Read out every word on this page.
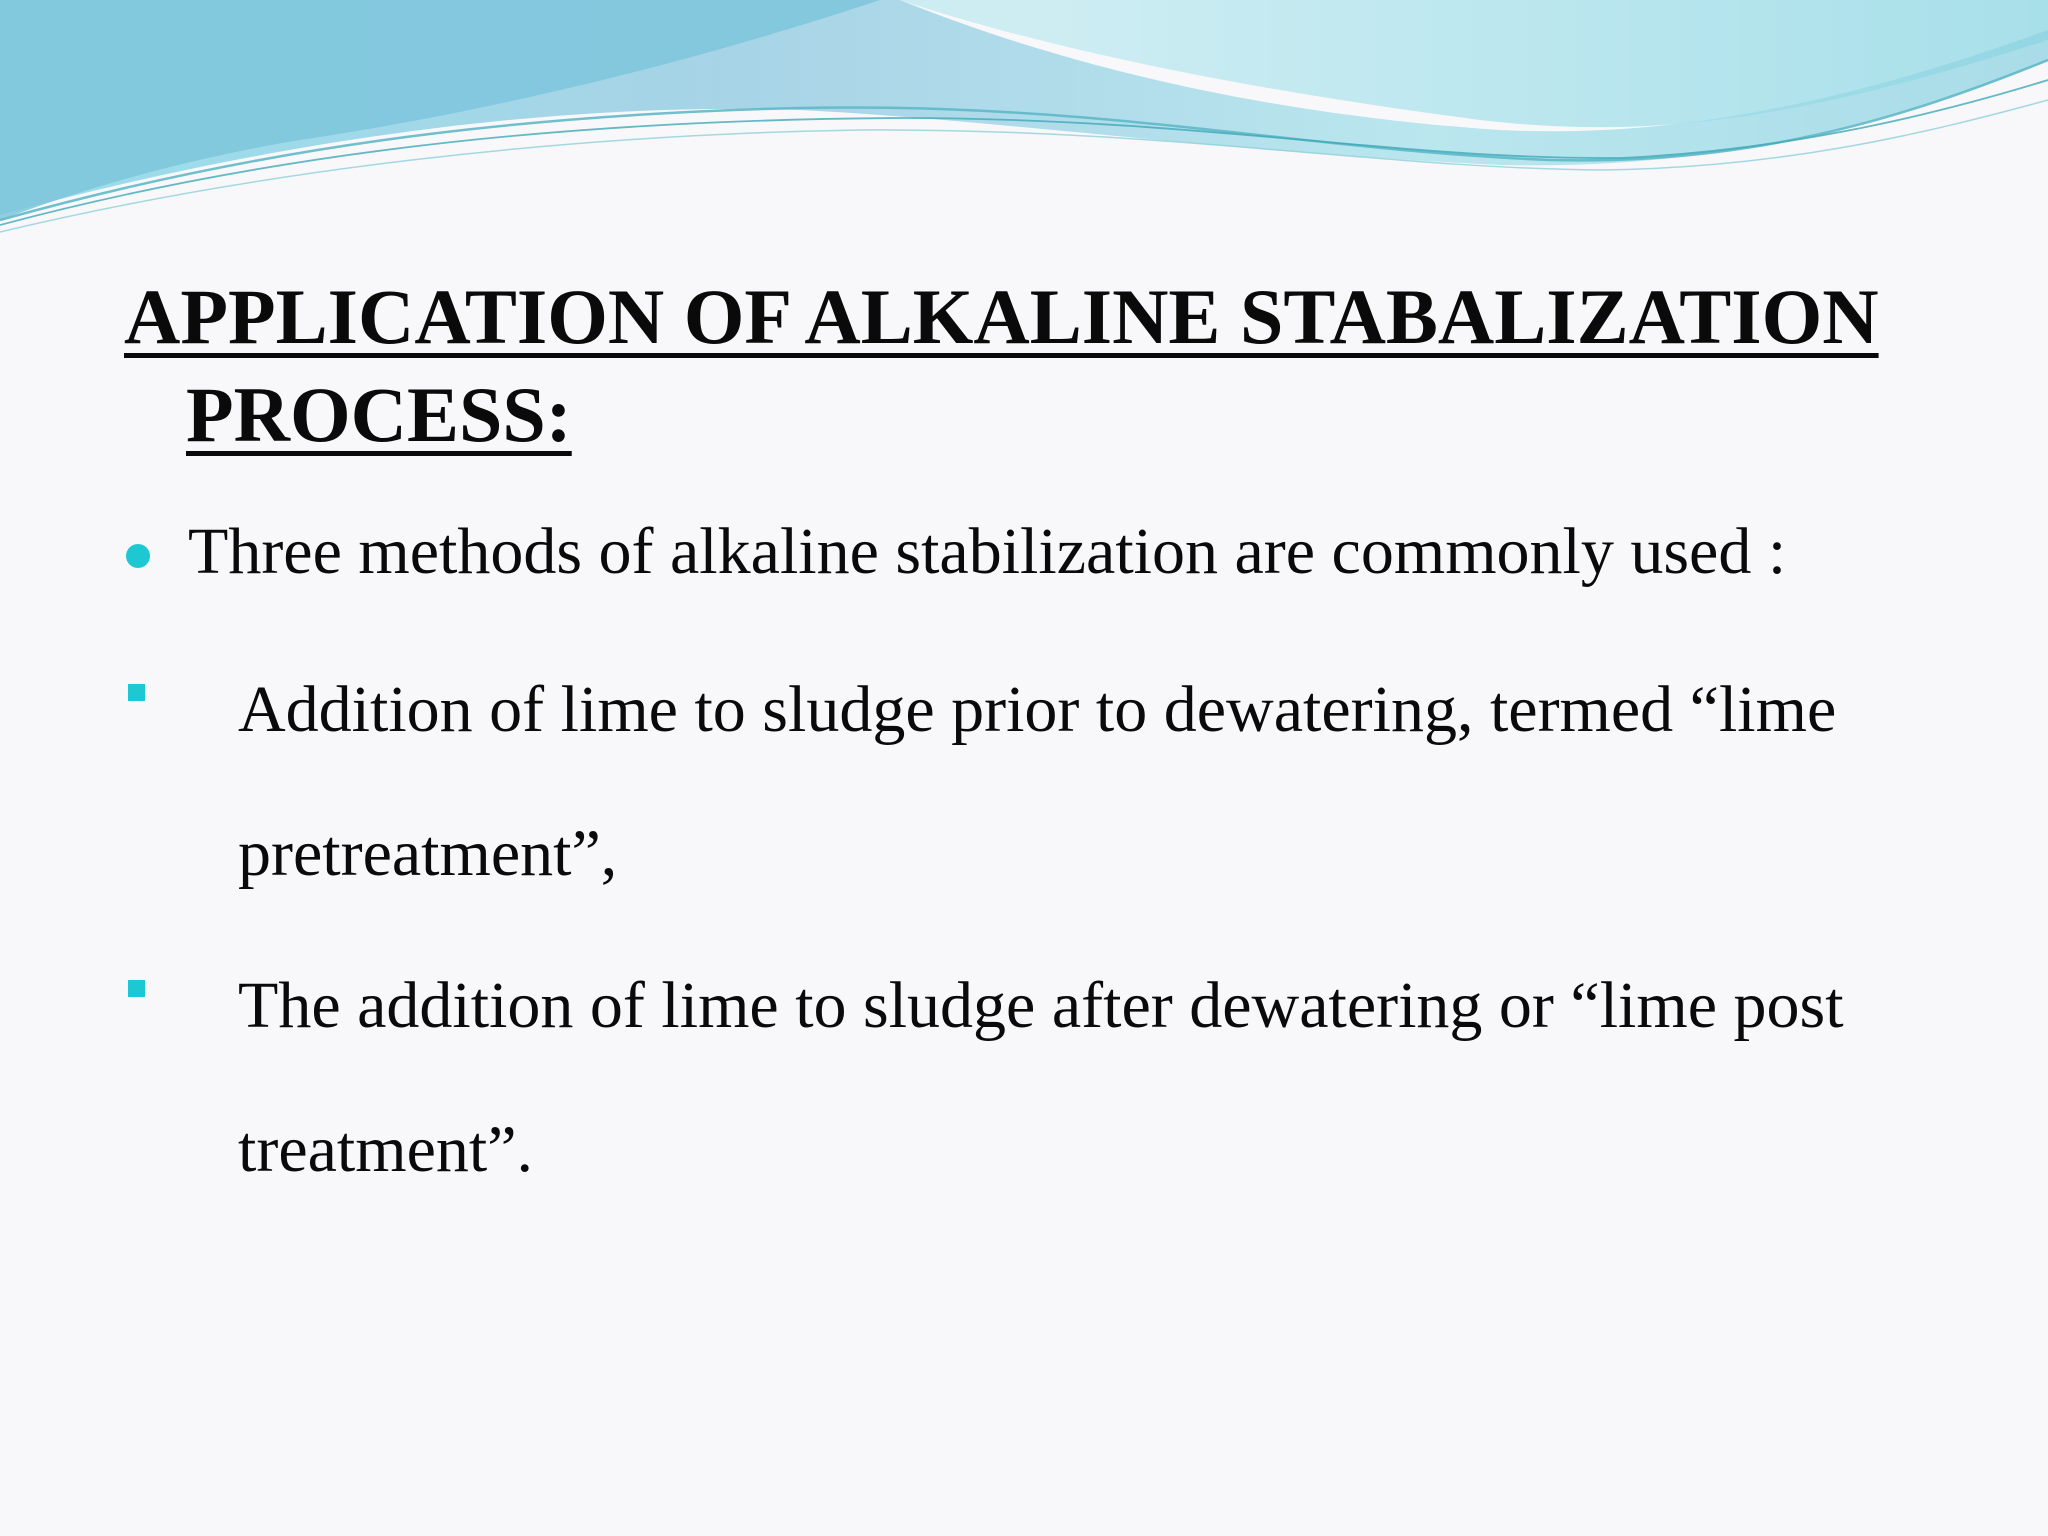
APPLICATION OF ALKALINE STABALIZATION
PROCESS:
Three methods of alkaline stabilization are commonly used :
Addition of lime to sludge prior to dewatering, termed “lime
pretreatment”,
The addition of lime to sludge after dewatering or “lime post
treatment”.
